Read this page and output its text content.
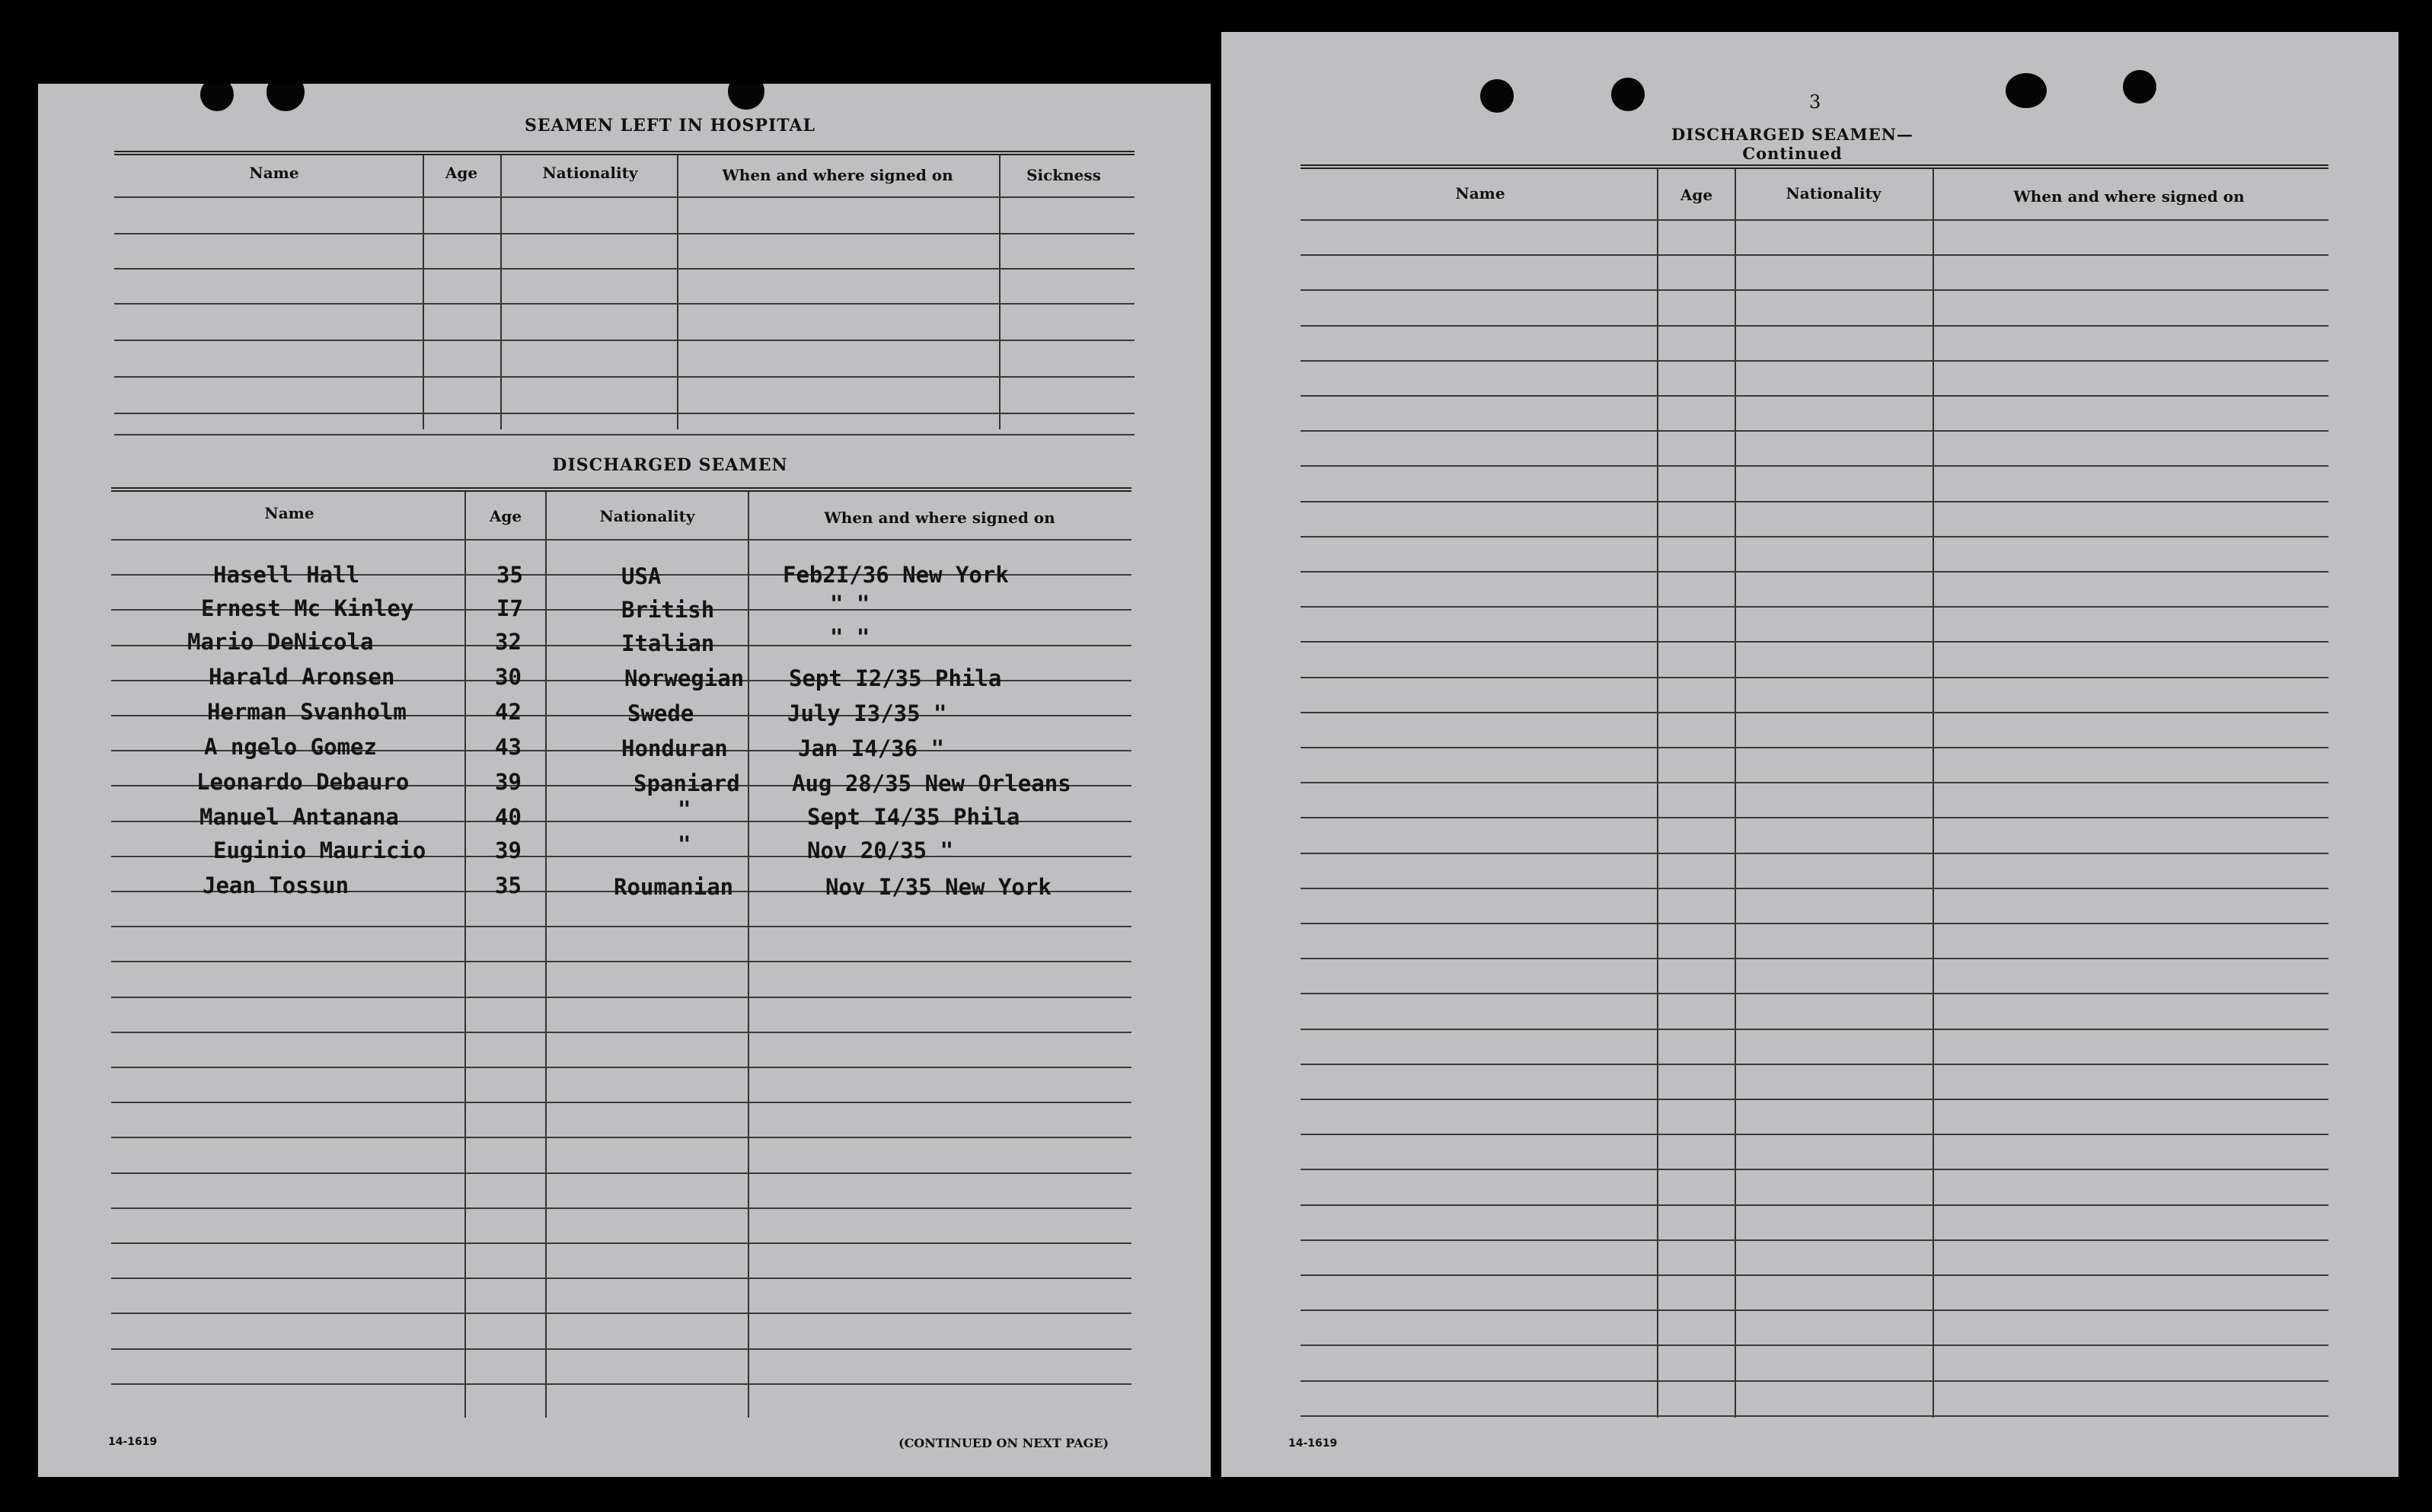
SEAMEN LEFT IN HOSPITAL
Name	Age	Nationality	When and where signed on	Sickness
DISCHARGED SEAMEN
Name	Age	Nationality	When and where signed on
Hasell Hall	35	USA	Feb2I/36 New York
Ernest Mc Kinley	I7	British	" "
Mario DeNicola	32	Italian	" "
Harald Aronsen	30	Norwegian Sept I2/35 Phila
Herman Svanholm	42	Swede	July I3/35 "
A ngelo Gomez	43	Honduran	Jan I4/36 "
Leonardo Debauro	39	Spaniard Aug 28/35 New Orleans
Manuel Antanana	40	"	Sept I4/35 Phila
Euginio Mauricio	39	"	Nov 20/35 "
Jean Tossun	35	Roumanian	Nov I/35 New York
14-1619	(CONTINUED ON NEXT PAGE)
3
DISCHARGED SEAMEN—Continued
Name	Age	Nationality	When and where signed on
14-1619
